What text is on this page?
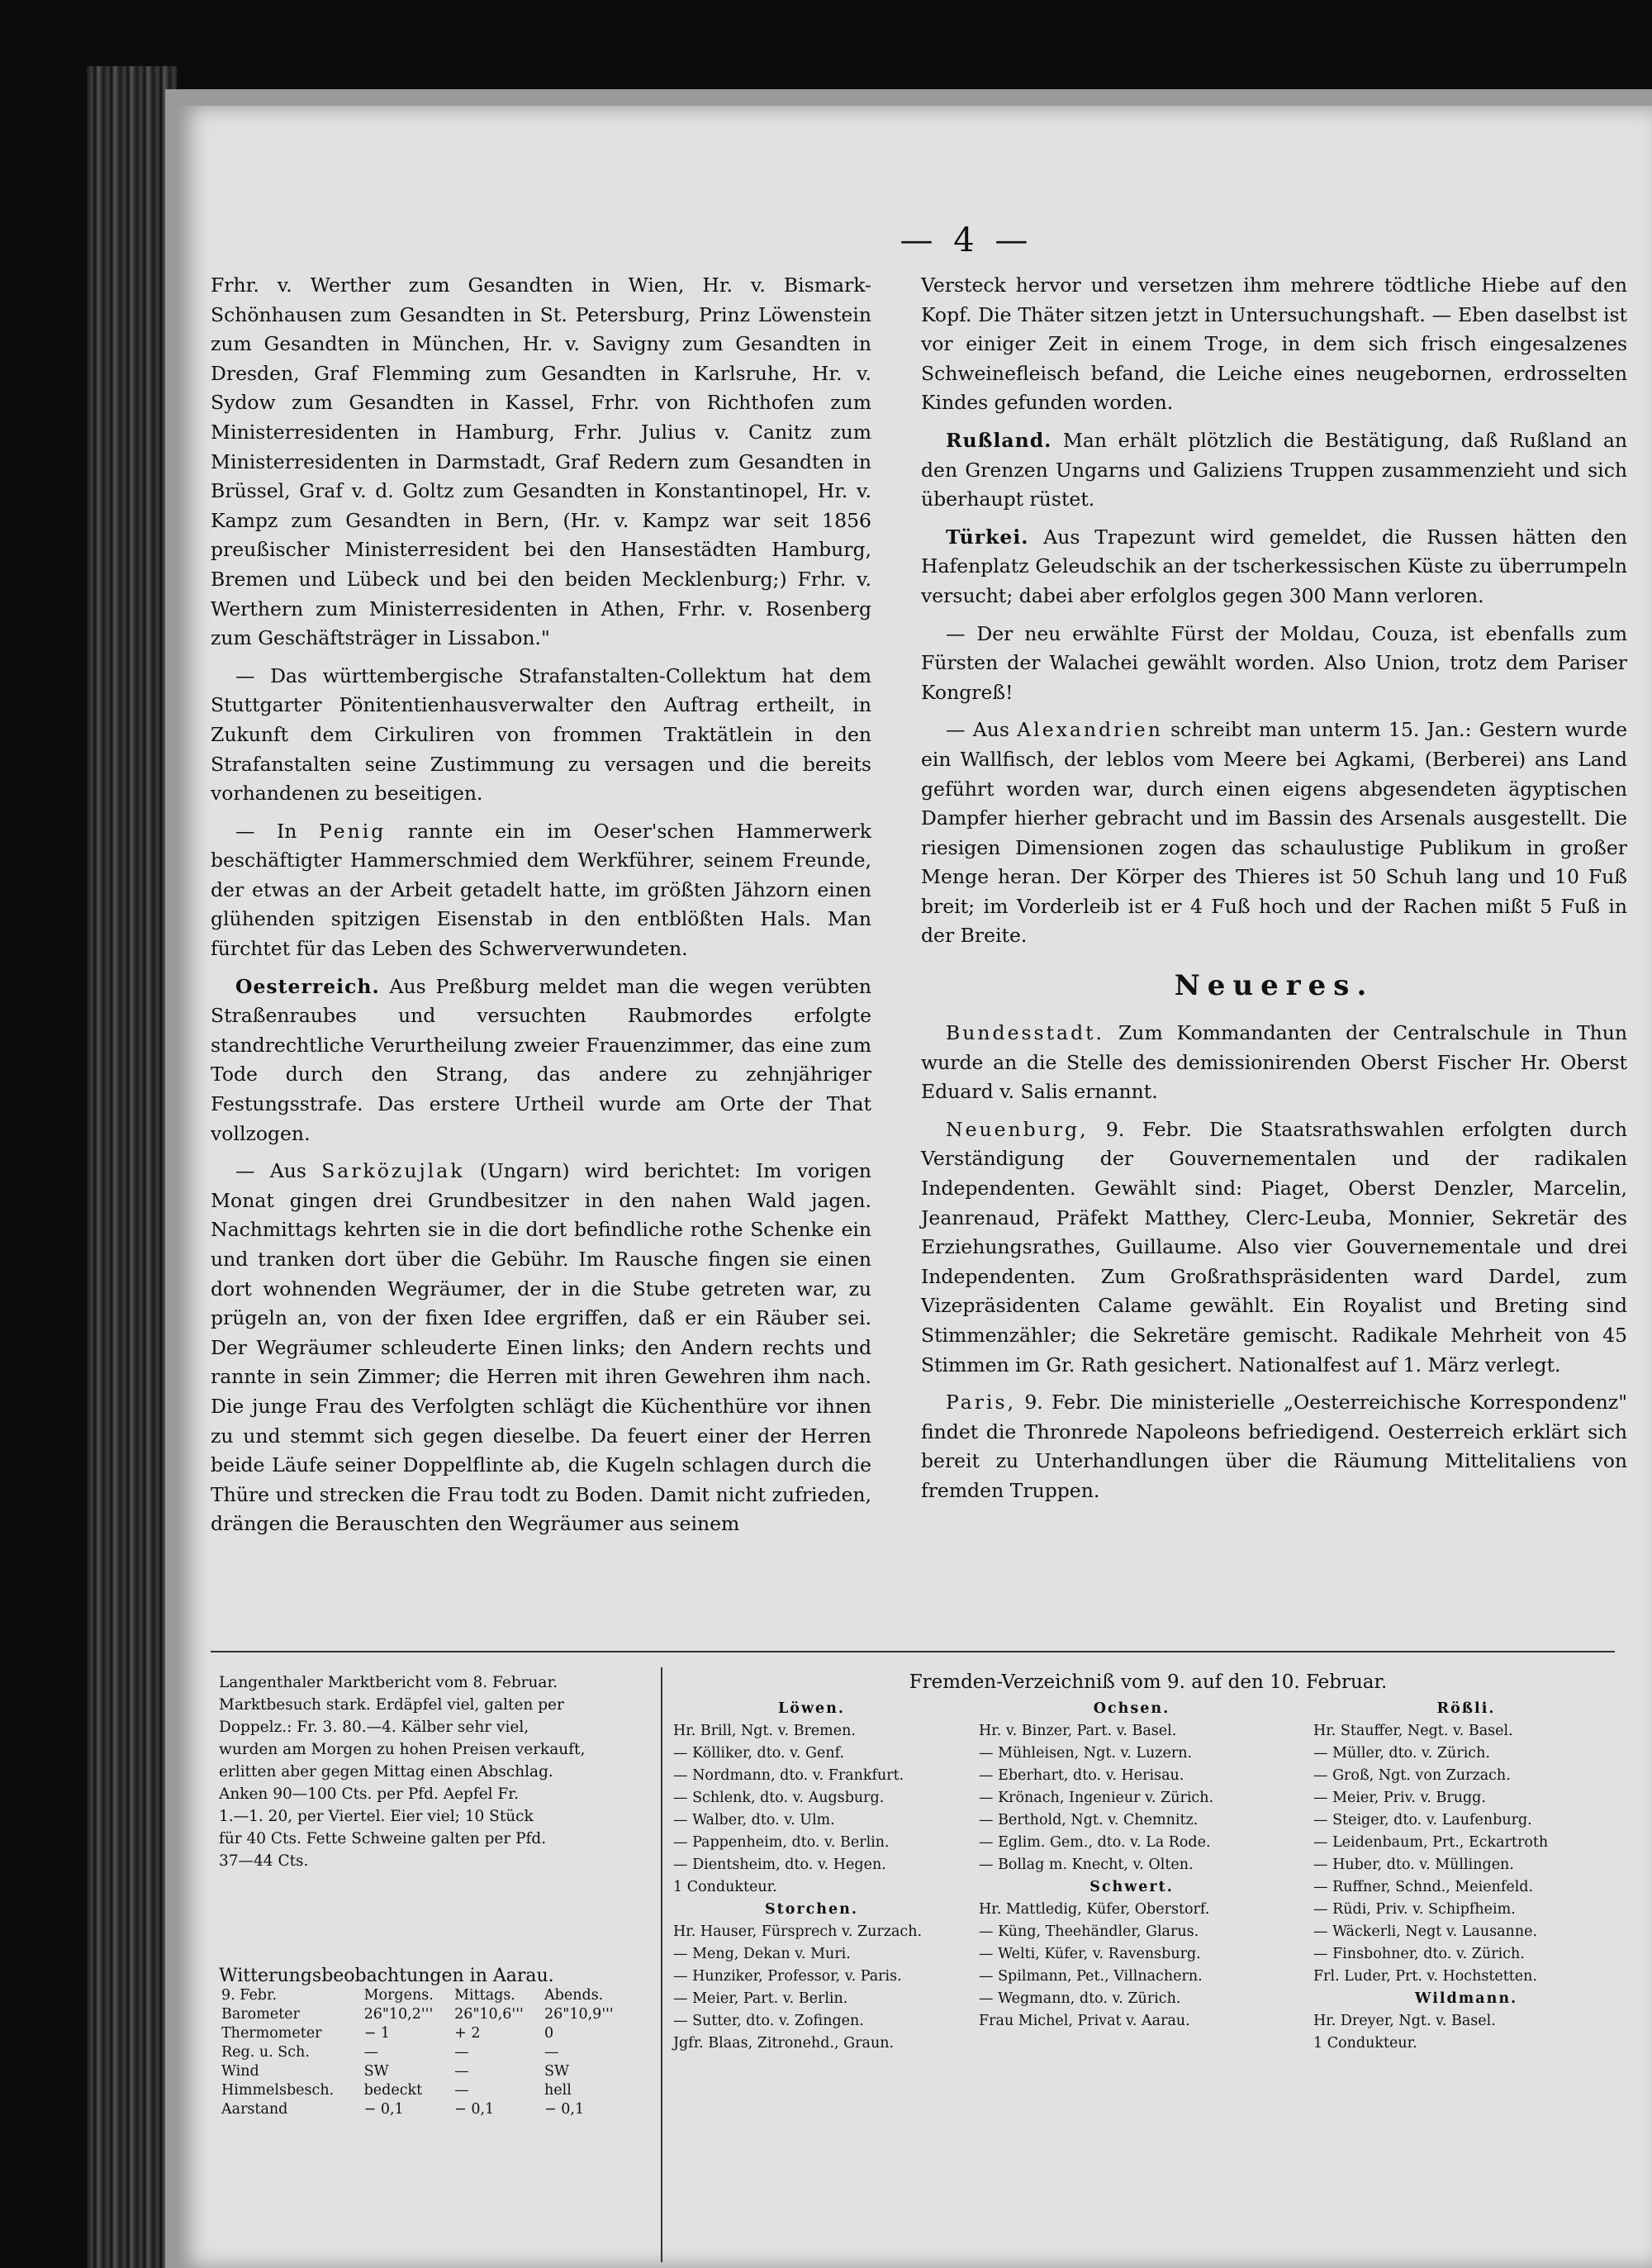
— 4 —

Frhr. v. Werther zum Gesandten in Wien, Hr. v. Bismark-Schönhausen zum Gesandten in St. Petersburg, Prinz Löwenstein zum Gesandten in München, Hr. v. Savigny zum Gesandten in Dresden, Graf Flemming zum Gesandten in Karlsruhe, Hr. v. Sydow zum Gesandten in Kassel, Frhr. von Richthofen zum Ministerresidenten in Hamburg, Frhr. Julius v. Canitz zum Ministerresidenten in Darmstadt, Graf Redern zum Gesandten in Brüssel, Graf v. d. Goltz zum Gesandten in Konstantinopel, Hr. v. Kampz zum Gesandten in Bern, (Hr. v. Kampz war seit 1856 preußischer Ministerresident bei den Hansestädten Hamburg, Bremen und Lübeck und bei den beiden Mecklenburg;) Frhr. v. Werthern zum Ministerresidenten in Athen, Frhr. v. Rosenberg zum Geschäftsträger in Lissabon."

— Das württembergische Strafanstalten-Collektum hat dem Stuttgarter Pönitentienhausverwalter den Auftrag ertheilt, in Zukunft dem Cirkuliren von frommen Traktätlein in den Strafanstalten seine Zustimmung zu versagen und die bereits vorhandenen zu beseitigen.

— In Penig rannte ein im Oeser'schen Hammerwerk beschäftigter Hammerschmied dem Werkführer, seinem Freunde, der etwas an der Arbeit getadelt hatte, im größten Jähzorn einen glühenden spitzigen Eisenstab in den entblößten Hals. Man fürchtet für das Leben des Schwerverwundeten.

Oesterreich. Aus Preßburg meldet man die wegen verübten Straßenraubes und versuchten Raubmordes erfolgte standrechtliche Verurtheilung zweier Frauenzimmer, das eine zum Tode durch den Strang, das andere zu zehnjähriger Festungsstrafe. Das erstere Urtheil wurde am Orte der That vollzogen.

— Aus Sarközujlak (Ungarn) wird berichtet: Im vorigen Monat gingen drei Grundbesitzer in den nahen Wald jagen. Nachmittags kehrten sie in die dort befindliche rothe Schenke ein und tranken dort über die Gebühr. Im Rausche fingen sie einen dort wohnenden Wegräumer, der in die Stube getreten war, zu prügeln an, von der fixen Idee ergriffen, daß er ein Räuber sei. Der Wegräumer schleuderte Einen links; den Andern rechts und rannte in sein Zimmer; die Herren mit ihren Gewehren ihm nach. Die junge Frau des Verfolgten schlägt die Küchenthüre vor ihnen zu und stemmt sich gegen dieselbe. Da feuert einer der Herren beide Läufe seiner Doppelflinte ab, die Kugeln schlagen durch die Thüre und strecken die Frau todt zu Boden. Damit nicht zufrieden, drängen die Berauschten den Wegräumer aus seinem

Versteck hervor und versetzen ihm mehrere tödtliche Hiebe auf den Kopf. Die Thäter sitzen jetzt in Untersuchungshaft. — Eben daselbst ist vor einiger Zeit in einem Troge, in dem sich frisch eingesalzenes Schweinefleisch befand, die Leiche eines neugebornen, erdrosselten Kindes gefunden worden.

Rußland. Man erhält plötzlich die Bestätigung, daß Rußland an den Grenzen Ungarns und Galiziens Truppen zusammenzieht und sich überhaupt rüstet.

Türkei. Aus Trapezunt wird gemeldet, die Russen hätten den Hafenplatz Geleudschik an der tscherkessischen Küste zu überrumpeln versucht; dabei aber erfolglos gegen 300 Mann verloren.

— Der neu erwählte Fürst der Moldau, Couza, ist ebenfalls zum Fürsten der Walachei gewählt worden. Also Union, trotz dem Pariser Kongreß!

— Aus Alexandrien schreibt man unterm 15. Jan.: Gestern wurde ein Wallfisch, der leblos vom Meere bei Agkami, (Berberei) ans Land geführt worden war, durch einen eigens abgesendeten ägyptischen Dampfer hierher gebracht und im Bassin des Arsenals ausgestellt. Die riesigen Dimensionen zogen das schaulustige Publikum in großer Menge heran. Der Körper des Thieres ist 50 Schuh lang und 10 Fuß breit; im Vorderleib ist er 4 Fuß hoch und der Rachen mißt 5 Fuß in der Breite.

Neueres.

Bundesstadt. Zum Kommandanten der Centralschule in Thun wurde an die Stelle des demissionirenden Oberst Fischer Hr. Oberst Eduard v. Salis ernannt.

Neuenburg, 9. Febr. Die Staatsrathswahlen erfolgten durch Verständigung der Gouvernementalen und der radikalen Independenten. Gewählt sind: Piaget, Oberst Denzler, Marcelin, Jeanrenaud, Präfekt Matthey, Clerc-Leuba, Monnier, Sekretär des Erziehungsrathes, Guillaume. Also vier Gouvernementale und drei Independenten. Zum Großrathspräsidenten ward Dardel, zum Vizepräsidenten Calame gewählt. Ein Royalist und Breting sind Stimmenzähler; die Sekretäre gemischt. Radikale Mehrheit von 45 Stimmen im Gr. Rath gesichert. Nationalfest auf 1. März verlegt.

Paris, 9. Febr. Die ministerielle „Oesterreichische Korrespondenz" findet die Thronrede Napoleons befriedigend. Oesterreich erklärt sich bereit zu Unterhandlungen über die Räumung Mittelitaliens von fremden Truppen.

Langenthaler Marktbericht vom 8. Februar.

Marktbesuch stark. Erdäpfel viel, galten per

Doppelz.: Fr. 3. 80.—4. Kälber sehr viel,

wurden am Morgen zu hohen Preisen verkauft,

erlitten aber gegen Mittag einen Abschlag.

Anken 90—100 Cts. per Pfd. Aepfel Fr.

1.—1. 20, per Viertel. Eier viel; 10 Stück

für 40 Cts. Fette Schweine galten per Pfd.

37—44 Cts.

Witterungsbeobachtungen in Aarau.
9. Febr.	Morgens.	Mittags.	Abends.
Barometer	26"10,2'''	26"10,6'''	26"10,9'''
Thermometer	− 1	+ 2	0
Reg. u. Sch.	—	—	—
Wind	SW	—	SW
Himmelsbesch.	bedeckt	—	hell
Aarstand	− 0,1	− 0,1	− 0,1
Fremden-Verzeichniß vom 9. auf den 10. Februar.
Löwen.
Hr. Brill, Ngt. v. Bremen.
— Kölliker, dto. v. Genf.
— Nordmann, dto. v. Frankfurt.
— Schlenk, dto. v. Augsburg.
— Walber, dto. v. Ulm.
— Pappenheim, dto. v. Berlin.
— Dientsheim, dto. v. Hegen.
1 Condukteur.
Storchen.
Hr. Hauser, Fürsprech v. Zurzach.
— Meng, Dekan v. Muri.
— Hunziker, Professor, v. Paris.
— Meier, Part. v. Berlin.
— Sutter, dto. v. Zofingen.
Jgfr. Blaas, Zitronehd., Graun.
Ochsen.
Hr. v. Binzer, Part. v. Basel.
— Mühleisen, Ngt. v. Luzern.
— Eberhart, dto. v. Herisau.
— Krönach, Ingenieur v. Zürich.
— Berthold, Ngt. v. Chemnitz.
— Eglim. Gem., dto. v. La Rode.
— Bollag m. Knecht, v. Olten.
Schwert.
Hr. Mattledig, Küfer, Oberstorf.
— Küng, Theehändler, Glarus.
— Welti, Küfer, v. Ravensburg.
— Spilmann, Pet., Villnachern.
— Wegmann, dto. v. Zürich.
Frau Michel, Privat v. Aarau.
Rößli.
Hr. Stauffer, Negt. v. Basel.
— Müller, dto. v. Zürich.
— Groß, Ngt. von Zurzach.
— Meier, Priv. v. Brugg.
— Steiger, dto. v. Laufenburg.
— Leidenbaum, Prt., Eckartroth
— Huber, dto. v. Müllingen.
— Ruffner, Schnd., Meienfeld.
— Rüdi, Priv. v. Schipfheim.
— Wäckerli, Negt v. Lausanne.
— Finsbohner, dto. v. Zürich.
Frl. Luder, Prt. v. Hochstetten.
Wildmann.
Hr. Dreyer, Ngt. v. Basel.
1 Condukteur.
